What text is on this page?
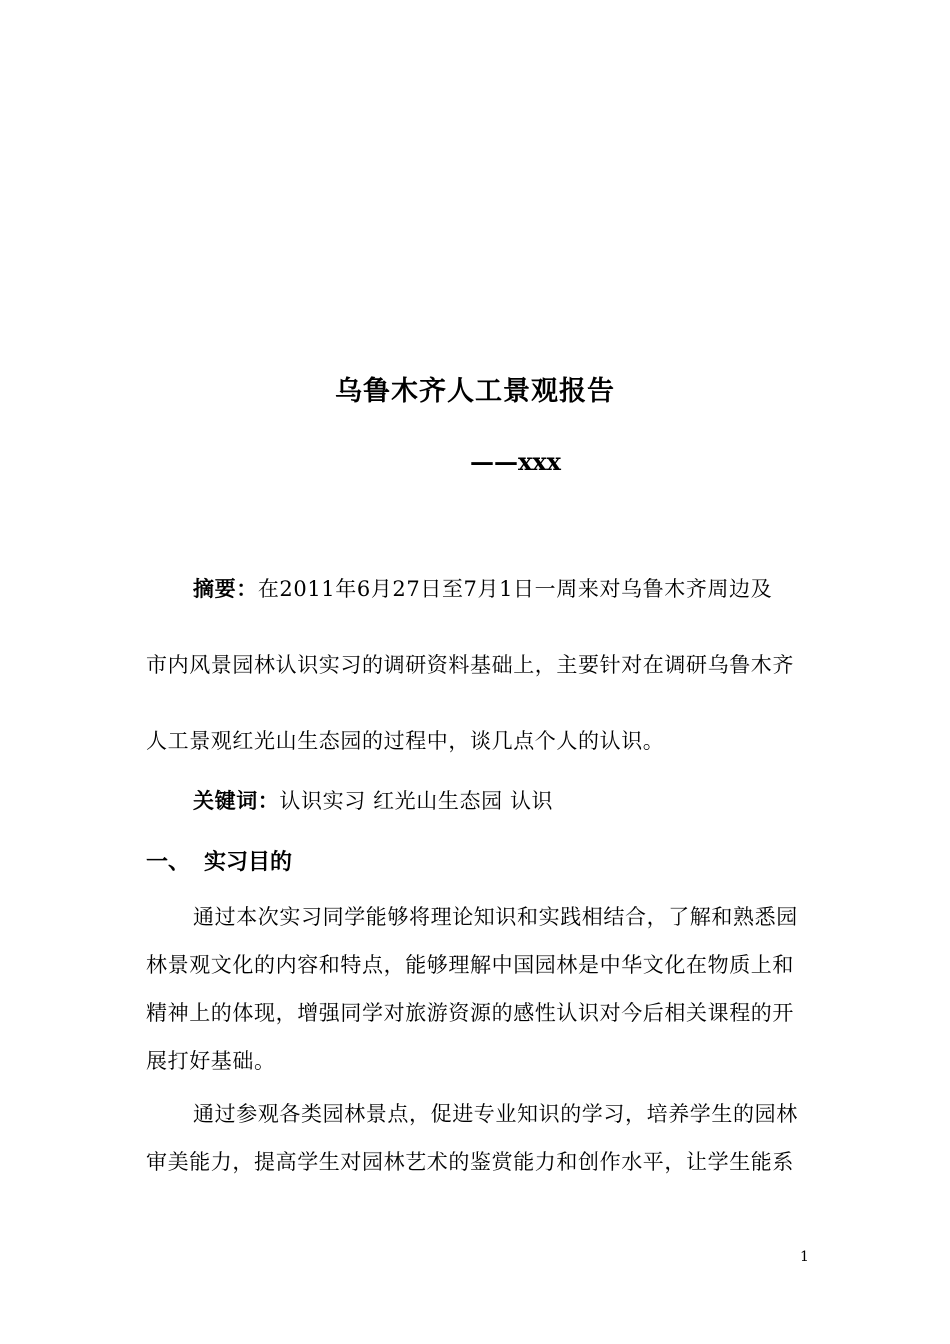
乌鲁木齐人工景观报告
——xxx
摘要：在2011年6月27日至7月1日一周来对乌鲁木齐周边及
市内风景园林认识实习的调研资料基础上，主要针对在调研乌鲁木齐
人工景观红光山生态园的过程中，谈几点个人的认识。
关键词：认识实习 红光山生态园 认识
一、 实习目的
通过本次实习同学能够将理论知识和实践相结合，了解和熟悉园
林景观文化的内容和特点，能够理解中国园林是中华文化在物质上和
精神上的体现，增强同学对旅游资源的感性认识对今后相关课程的开
展打好基础。
通过参观各类园林景点，促进专业知识的学习，培养学生的园林
审美能力，提高学生对园林艺术的鉴赏能力和创作水平，让学生能系
1
